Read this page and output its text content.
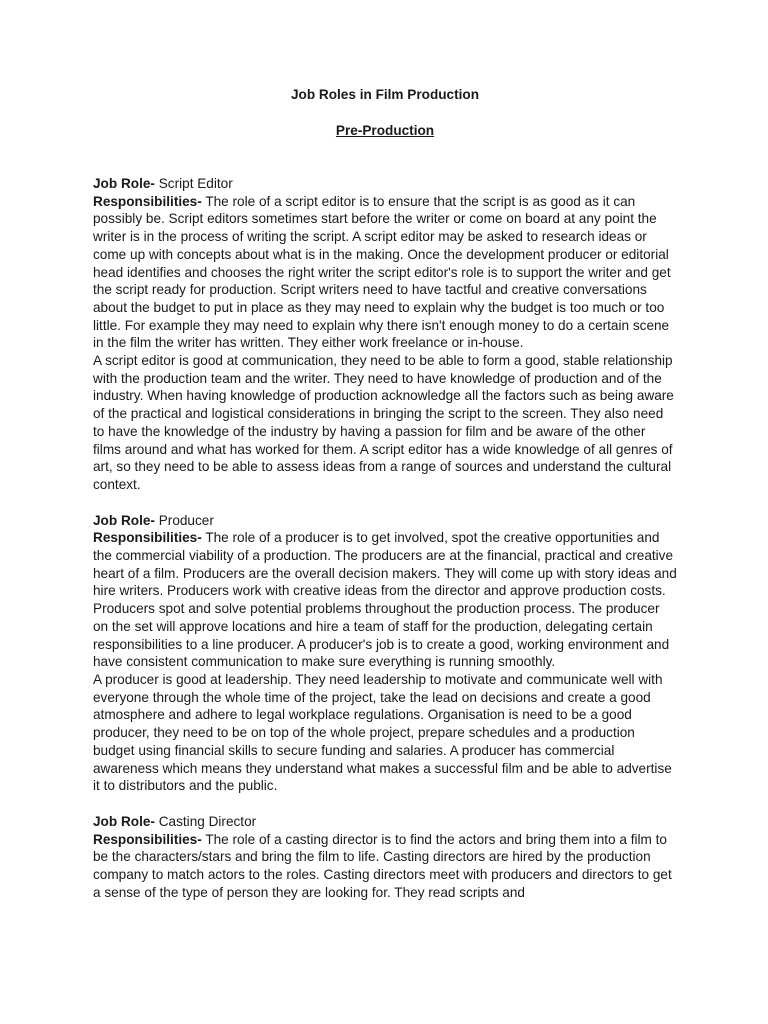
Job Roles in Film Production

Pre-Production

Job Role- Script Editor

Responsibilities- The role of a script editor is to ensure that the script is as good as it can possibly be. Script editors sometimes start before the writer or come on board at any point the writer is in the process of writing the script. A script editor may be asked to research ideas or come up with concepts about what is in the making. Once the development producer or editorial head identifies and chooses the right writer the script editor's role is to support the writer and get the script ready for production. Script writers need to have tactful and creative conversations about the budget to put in place as they may need to explain why the budget is too much or too little. For example they may need to explain why there isn't enough money to do a certain scene in the film the writer has written. They either work freelance or in-house.

A script editor is good at communication, they need to be able to form a good, stable relationship with the production team and the writer. They need to have knowledge of production and of the industry. When having knowledge of production acknowledge all the factors such as being aware of the practical and logistical considerations in bringing the script to the screen. They also need to have the knowledge of the industry by having a passion for film and be aware of the other films around and what has worked for them. A script editor has a wide knowledge of all genres of art, so they need to be able to assess ideas from a range of sources and understand the cultural context.

Job Role- Producer

Responsibilities- The role of a producer is to get involved, spot the creative opportunities and the commercial viability of a production. The producers are at the financial, practical and creative heart of a film. Producers are the overall decision makers. They will come up with story ideas and hire writers. Producers work with creative ideas from the director and approve production costs. Producers spot and solve potential problems throughout the production process. The producer on the set will approve locations and hire a team of staff for the production, delegating certain responsibilities to a line producer. A producer's job is to create a good, working environment and have consistent communication to make sure everything is running smoothly.

A producer is good at leadership. They need leadership to motivate and communicate well with everyone through the whole time of the project, take the lead on decisions and create a good atmosphere and adhere to legal workplace regulations. Organisation is need to be a good producer, they need to be on top of the whole project, prepare schedules and a production budget using financial skills to secure funding and salaries. A producer has commercial awareness which means they understand what makes a successful film and be able to advertise it to distributors and the public.

Job Role- Casting Director

Responsibilities- The role of a casting director is to find the actors and bring them into a film to be the characters/stars and bring the film to life. Casting directors are hired by the production company to match actors to the roles. Casting directors meet with producers and directors to get a sense of the type of person they are looking for. They read scripts and
